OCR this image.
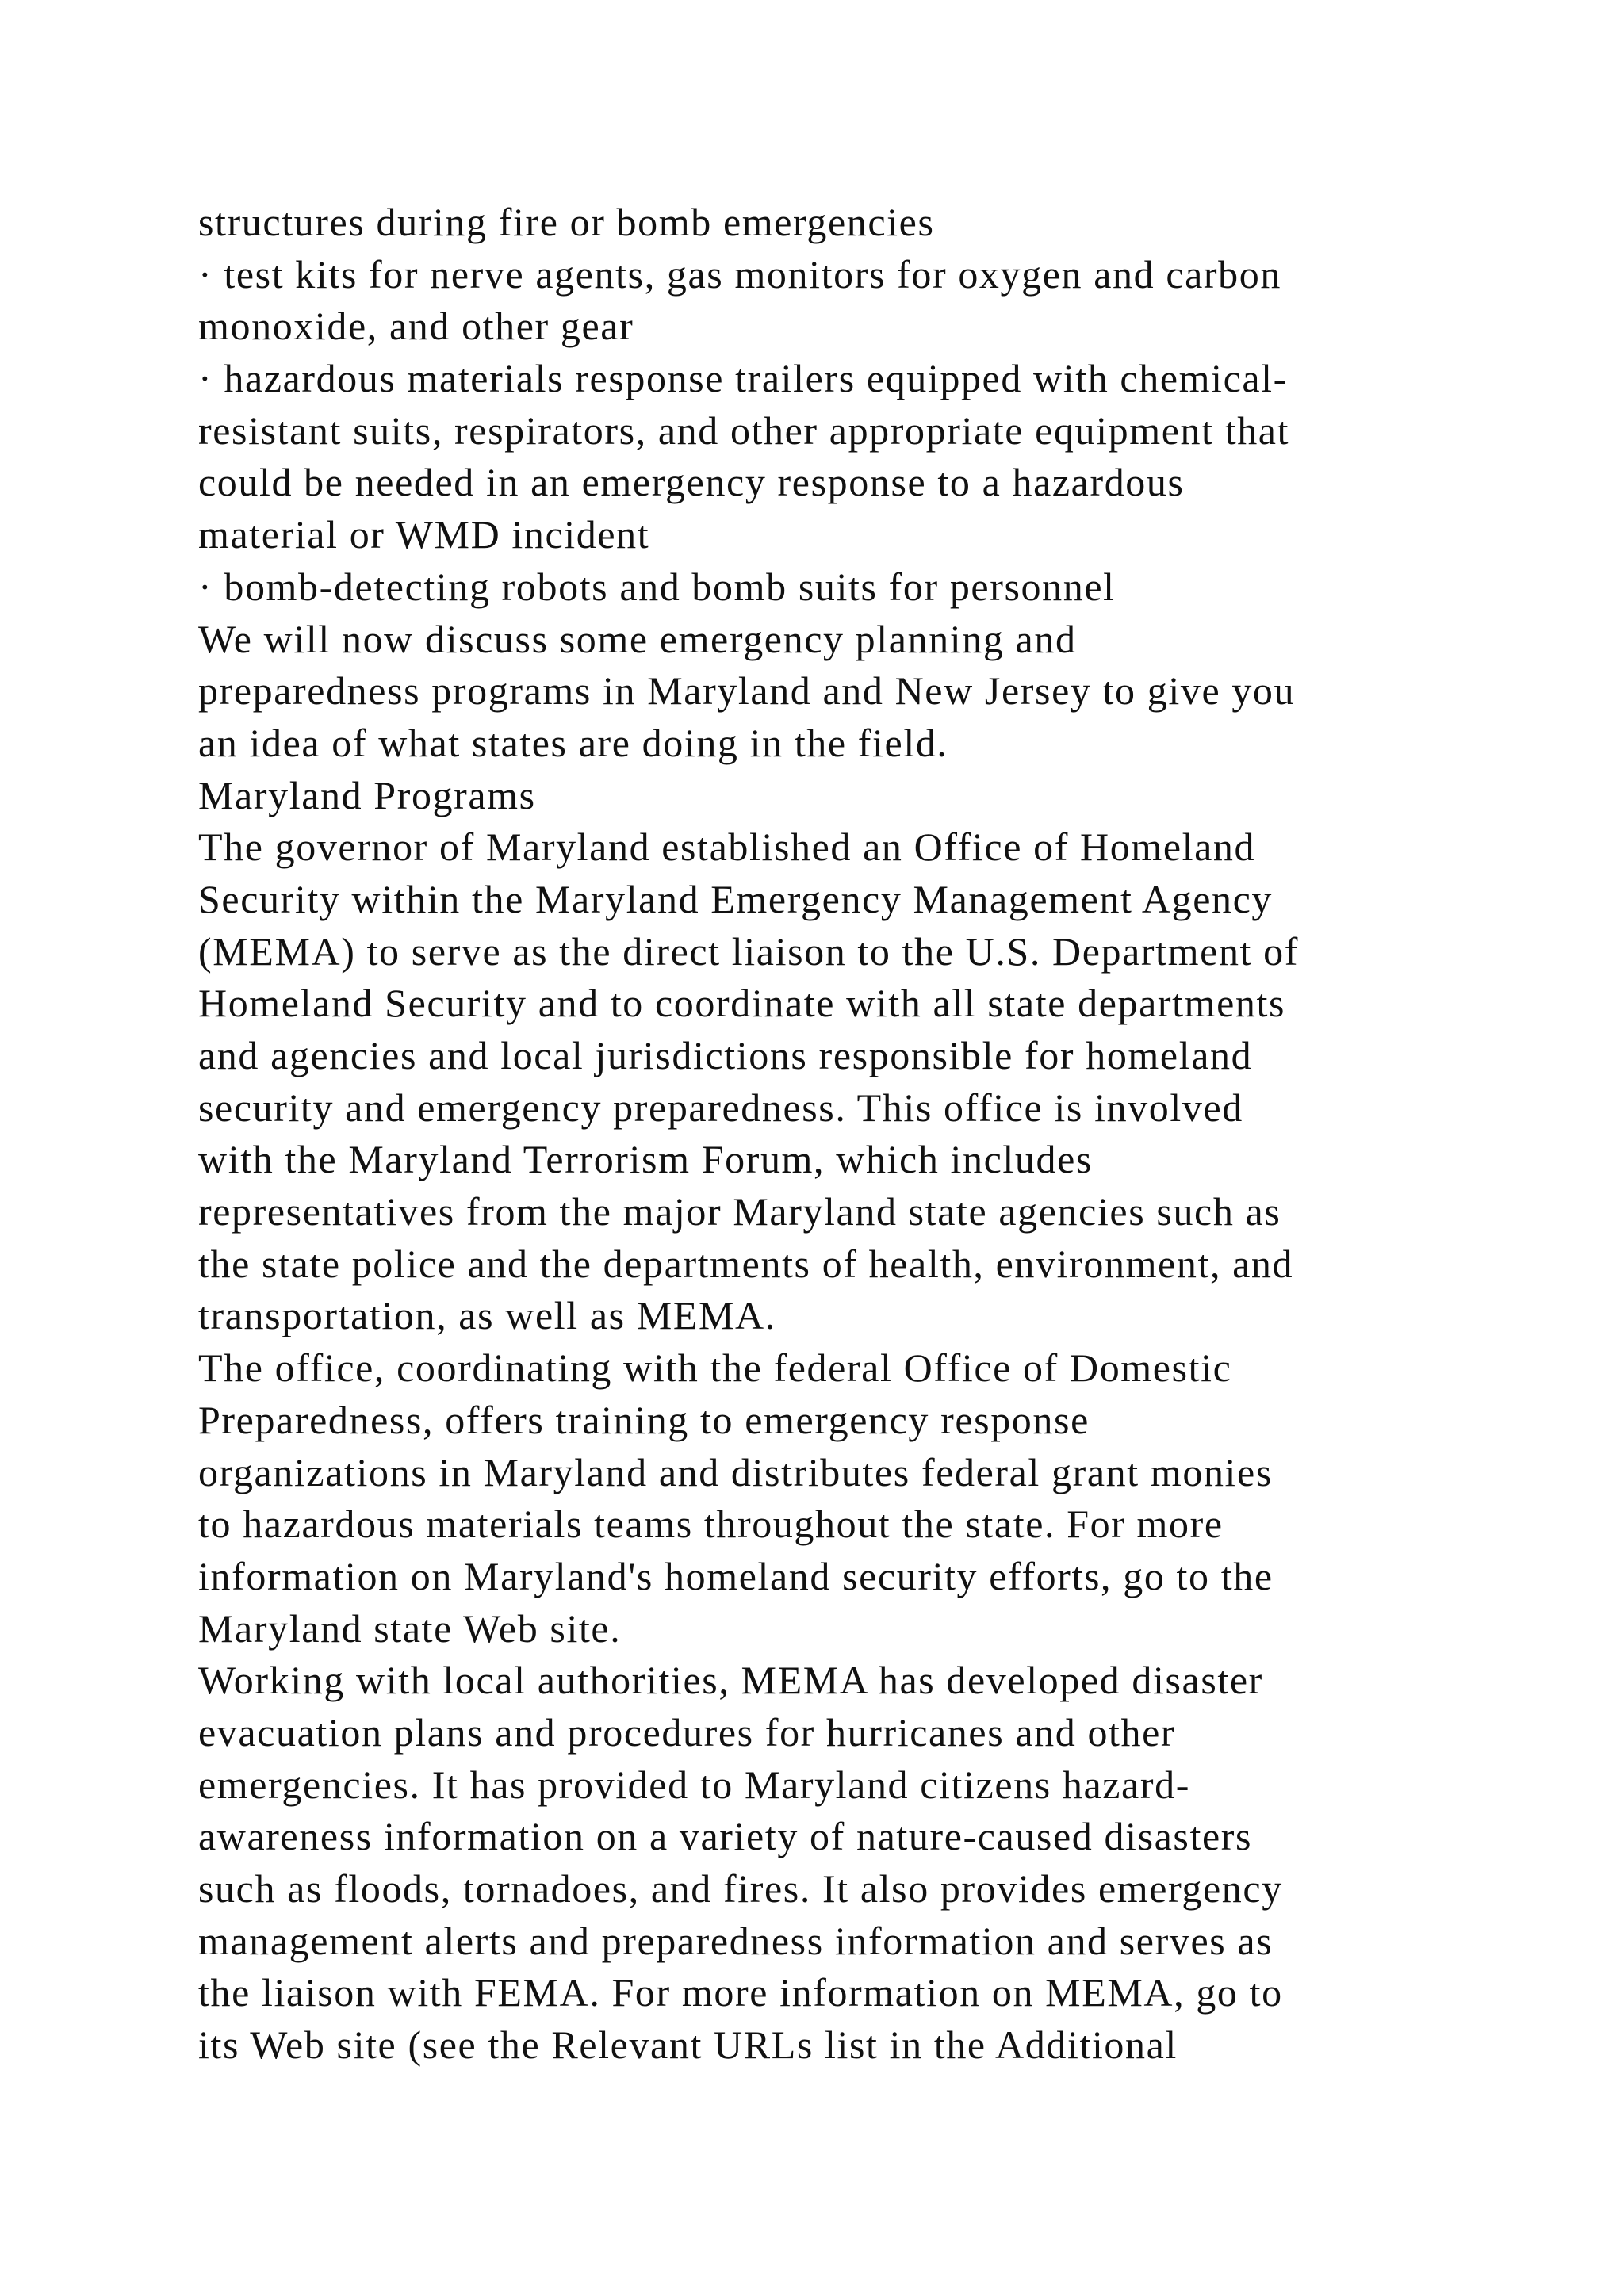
structures during fire or bomb emergencies
· test kits for nerve agents, gas monitors for oxygen and carbon
monoxide, and other gear
· hazardous materials response trailers equipped with chemical-
resistant suits, respirators, and other appropriate equipment that
could be needed in an emergency response to a hazardous
material or WMD incident
· bomb-detecting robots and bomb suits for personnel
We will now discuss some emergency planning and
preparedness programs in Maryland and New Jersey to give you
an idea of what states are doing in the field.
Maryland Programs
The governor of Maryland established an Office of Homeland
Security within the Maryland Emergency Management Agency
(MEMA) to serve as the direct liaison to the U.S. Department of
Homeland Security and to coordinate with all state departments
and agencies and local jurisdictions responsible for homeland
security and emergency preparedness. This office is involved
with the Maryland Terrorism Forum, which includes
representatives from the major Maryland state agencies such as
the state police and the departments of health, environment, and
transportation, as well as MEMA.
The office, coordinating with the federal Office of Domestic
Preparedness, offers training to emergency response
organizations in Maryland and distributes federal grant monies
to hazardous materials teams throughout the state. For more
information on Maryland's homeland security efforts, go to the
Maryland state Web site.
Working with local authorities, MEMA has developed disaster
evacuation plans and procedures for hurricanes and other
emergencies. It has provided to Maryland citizens hazard-
awareness information on a variety of nature-caused disasters
such as floods, tornadoes, and fires. It also provides emergency
management alerts and preparedness information and serves as
the liaison with FEMA. For more information on MEMA, go to
its Web site (see the Relevant URLs list in the Additional
